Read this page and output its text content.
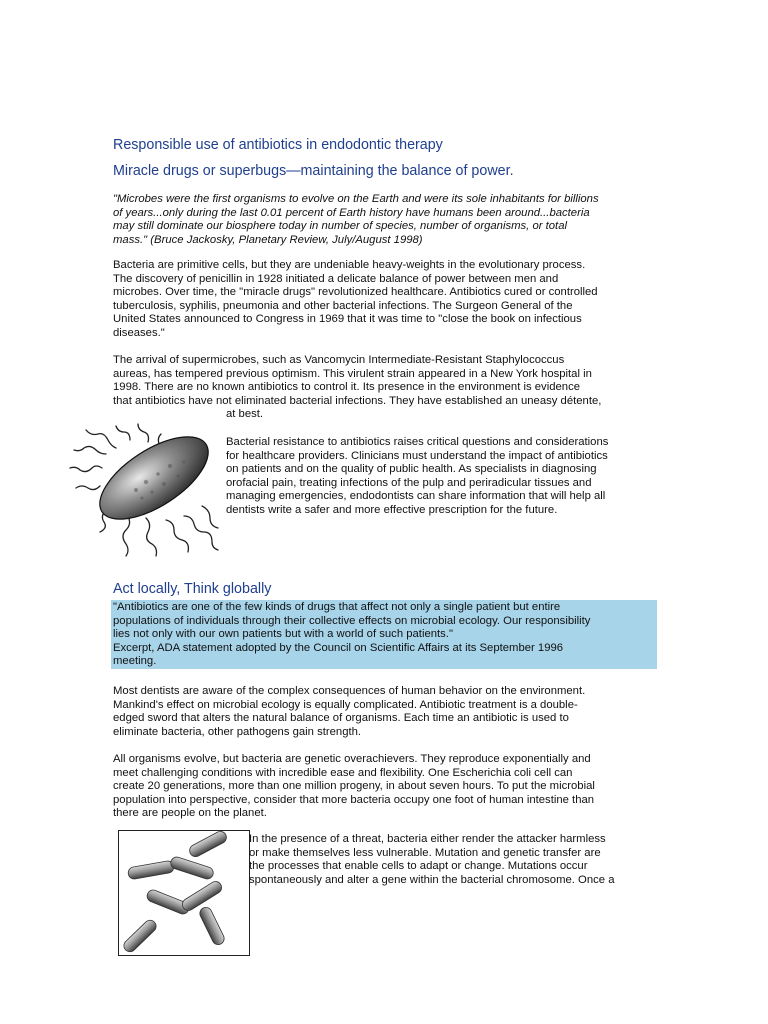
Responsible use of antibiotics in endodontic therapy
Miracle drugs or superbugs—maintaining the balance of power.
"Microbes were the first organisms to evolve on the Earth and were its sole inhabitants for billions
of years...only during the last 0.01 percent of Earth history have humans been around...bacteria
may still dominate our biosphere today in number of species, number of organisms, or total
mass." (Bruce Jackosky, Planetary Review, July/August 1998)
Bacteria are primitive cells, but they are undeniable heavy-weights in the evolutionary process.
The discovery of penicillin in 1928 initiated a delicate balance of power between men and
microbes. Over time, the "miracle drugs" revolutionized healthcare. Antibiotics cured or controlled
tuberculosis, syphilis, pneumonia and other bacterial infections. The Surgeon General of the
United States announced to Congress in 1969 that it was time to "close the book on infectious
diseases."
The arrival of supermicrobes, such as Vancomycin Intermediate-Resistant Staphylococcus
aureas, has tempered previous optimism. This virulent strain appeared in a New York hospital in
1998. There are no known antibiotics to control it. Its presence in the environment is evidence
that antibiotics have not eliminated bacterial infections. They have established an uneasy détente,
at best.
Bacterial resistance to antibiotics raises critical questions and considerations
for healthcare providers. Clinicians must understand the impact of antibiotics
on patients and on the quality of public health. As specialists in diagnosing
orofacial pain, treating infections of the pulp and periradicular tissues and
managing emergencies, endodontists can share information that will help all
dentists write a safer and more effective prescription for the future.
Act locally, Think globally
"Antibiotics are one of the few kinds of drugs that affect not only a single patient but entire
populations of individuals through their collective effects on microbial ecology. Our responsibility
lies not only with our own patients but with a world of such patients."
Excerpt, ADA statement adopted by the Council on Scientific Affairs at its September 1996
meeting.
Most dentists are aware of the complex consequences of human behavior on the environment.
Mankind's effect on microbial ecology is equally complicated. Antibiotic treatment is a double-
edged sword that alters the natural balance of organisms. Each time an antibiotic is used to
eliminate bacteria, other pathogens gain strength.
All organisms evolve, but bacteria are genetic overachievers. They reproduce exponentially and
meet challenging conditions with incredible ease and flexibility. One Escherichia coli cell can
create 20 generations, more than one million progeny, in about seven hours. To put the microbial
population into perspective, consider that more bacteria occupy one foot of human intestine than
there are people on the planet.
In the presence of a threat, bacteria either render the attacker harmless
or make themselves less vulnerable. Mutation and genetic transfer are
the processes that enable cells to adapt or change. Mutations occur
spontaneously and alter a gene within the bacterial chromosome. Once a
